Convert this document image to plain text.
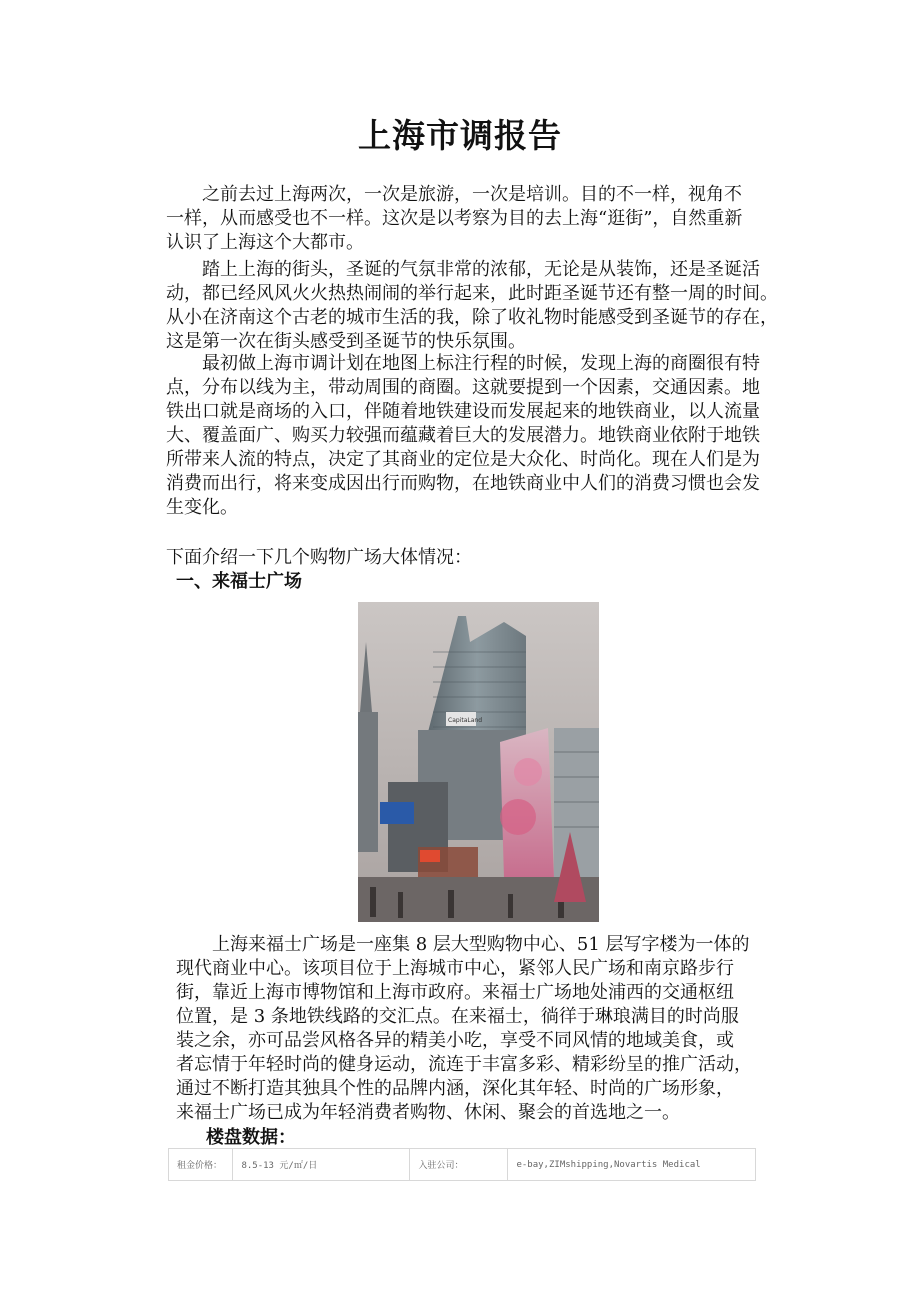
上海市调报告
　　之前去过上海两次，一次是旅游，一次是培训。目的不一样，视角不
一样，从而感受也不一样。这次是以考察为目的去上海“逛街”，自然重新
认识了上海这个大都市。
　　踏上上海的街头，圣诞的气氛非常的浓郁，无论是从装饰，还是圣诞活
动，都已经风风火火热热闹闹的举行起来，此时距圣诞节还有整一周的时间。
从小在济南这个古老的城市生活的我，除了收礼物时能感受到圣诞节的存在，
这是第一次在街头感受到圣诞节的快乐氛围。
　　最初做上海市调计划在地图上标注行程的时候，发现上海的商圈很有特
点，分布以线为主，带动周围的商圈。这就要提到一个因素，交通因素。地
铁出口就是商场的入口，伴随着地铁建设而发展起来的地铁商业，以人流量
大、覆盖面广、购买力较强而蕴藏着巨大的发展潜力。地铁商业依附于地铁
所带来人流的特点，决定了其商业的定位是大众化、时尚化。现在人们是为
消费而出行，将来变成因出行而购物，在地铁商业中人们的消费习惯也会发
生变化。
下面介绍一下几个购物广场大体情况：
一、来福士广场
CapitaLand
　　上海来福士广场是一座集 8 层大型购物中心、51 层写字楼为一体的
现代商业中心。该项目位于上海城市中心，紧邻人民广场和南京路步行
街，靠近上海市博物馆和上海市政府。来福士广场地处浦西的交通枢纽
位置，是 3 条地铁线路的交汇点。在来福士，徜徉于琳琅满目的时尚服
装之余，亦可品尝风格各异的精美小吃，享受不同风情的地域美食，或
者忘情于年轻时尚的健身运动，流连于丰富多彩、精彩纷呈的推广活动，
通过不断打造其独具个性的品牌内涵，深化其年轻、时尚的广场形象，
来福士广场已成为年轻消费者购物、休闲、聚会的首选地之一。
楼盘数据：
租金价格：	8.5-13 元/㎡/日	入驻公司：	e-bay,ZIMshipping,Novartis Medical
